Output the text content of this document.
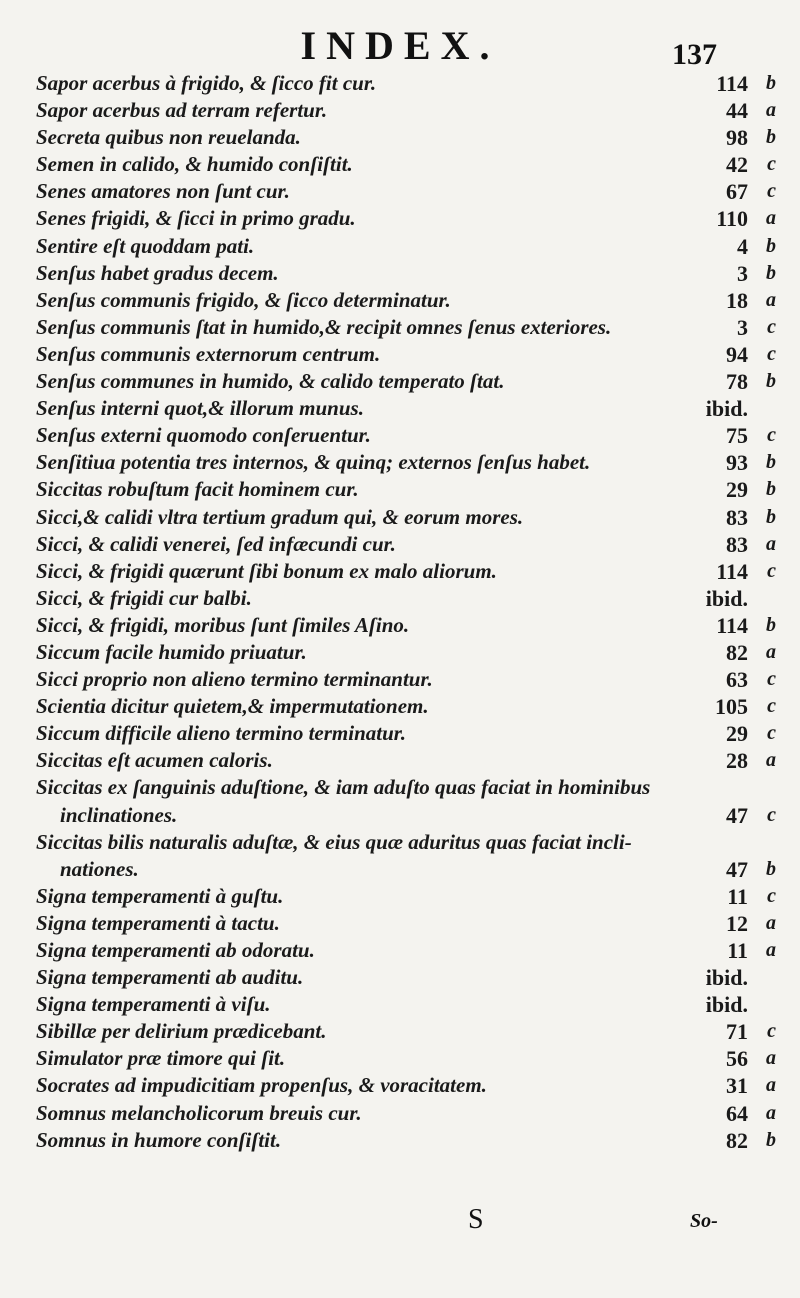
INDEX.	137
Sapor acerbus à frigido, & ſicco fit cur.	114 b
Sapor acerbus ad terram refertur.	44 a
Secreta quibus non reuelanda.	98 b
Semen in calido, & humido conſiſtit.	42 c
Senes amatores non ſunt cur.	67 c
Senes frigidi, & ſicci in primo gradu.	110 a
Sentire eſt quoddam pati.	4 b
Senſus habet gradus decem.	3 b
Senſus communis frigido, & ſicco determinatur.	18 a
Senſus communis ſtat in humido,& recipit omnes ſenus exteriores.	3 c
Senſus communis externorum centrum.	94 c
Senſus communes in humido, & calido temperato ſtat.	78 b
Senſus interni quot,& illorum munus.	ibid.
Senſus externi quomodo conſeruentur.	75 c
Senſitiua potentia tres internos, & quinq; externos ſenſus habet.	93 b
Siccitas robuſtum facit hominem cur.	29 b
Sicci,& calidi vltra tertium gradum qui, & eorum mores.	83 b
Sicci, & calidi venerei, ſed infæcundi cur.	83 a
Sicci, & frigidi quærunt ſibi bonum ex malo aliorum.	114 c
Sicci, & frigidi cur balbi.	ibid.
Sicci, & frigidi, moribus ſunt ſimiles Aſino.	114 b
Siccum facile humido priuatur.	82 a
Sicci proprio non alieno termino terminantur.	63 c
Scientia dicitur quietem,& impermutationem.	105 c
Siccum difficile alieno termino terminatur.	29 c
Siccitas eſt acumen caloris.	28 a
Siccitas ex ſanguinis aduſtione, & iam aduſto quas faciat in hominibus
inclinationes.	47 c
Siccitas bilis naturalis aduſtæ, & eius quæ aduritus quas faciat incli-
nationes.	47 b
Signa temperamenti à guſtu.	11 c
Signa temperamenti à tactu.	12 a
Signa temperamenti ab odoratu.	11 a
Signa temperamenti ab auditu.	ibid.
Signa temperamenti à viſu.	ibid.
Sibillæ per delirium prædicebant.	71 c
Simulator præ timore qui ſit.	56 a
Socrates ad impudicitiam propenſus, & voracitatem.	31 a
Somnus melancholicorum breuis cur.	64 a
Somnus in humore conſiſtit.	82 b
S	So-
